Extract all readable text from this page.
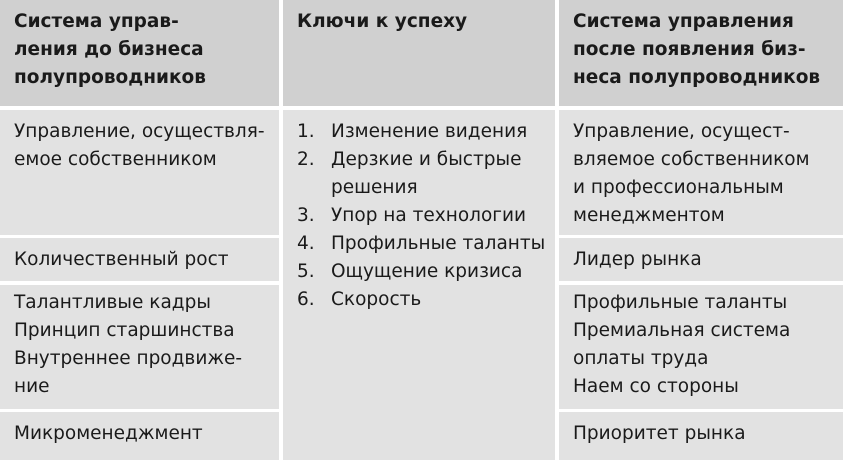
Система управ-
ления до бизнеса
полупроводников
Управление, осуществля-
емое собственником
Количественный рост
Талантливые кадры
Принцип старшинства
Внутреннее продвиже-
ние
Микроменеджмент
Ключи к успеху
1. Изменение видения
2. Дерзкие и быстрые
решения
3. Упор на технологии
4. Профильные таланты
5. Ощущение кризиса
6. Скорость
Система управления
после появления биз-
неса полупроводников
Управление, осущест-
вляемое собственником
и профессиональным
менеджментом
Лидер рынка
Профильные таланты
Премиальная система
оплаты труда
Наем со стороны
Приоритет рынка
